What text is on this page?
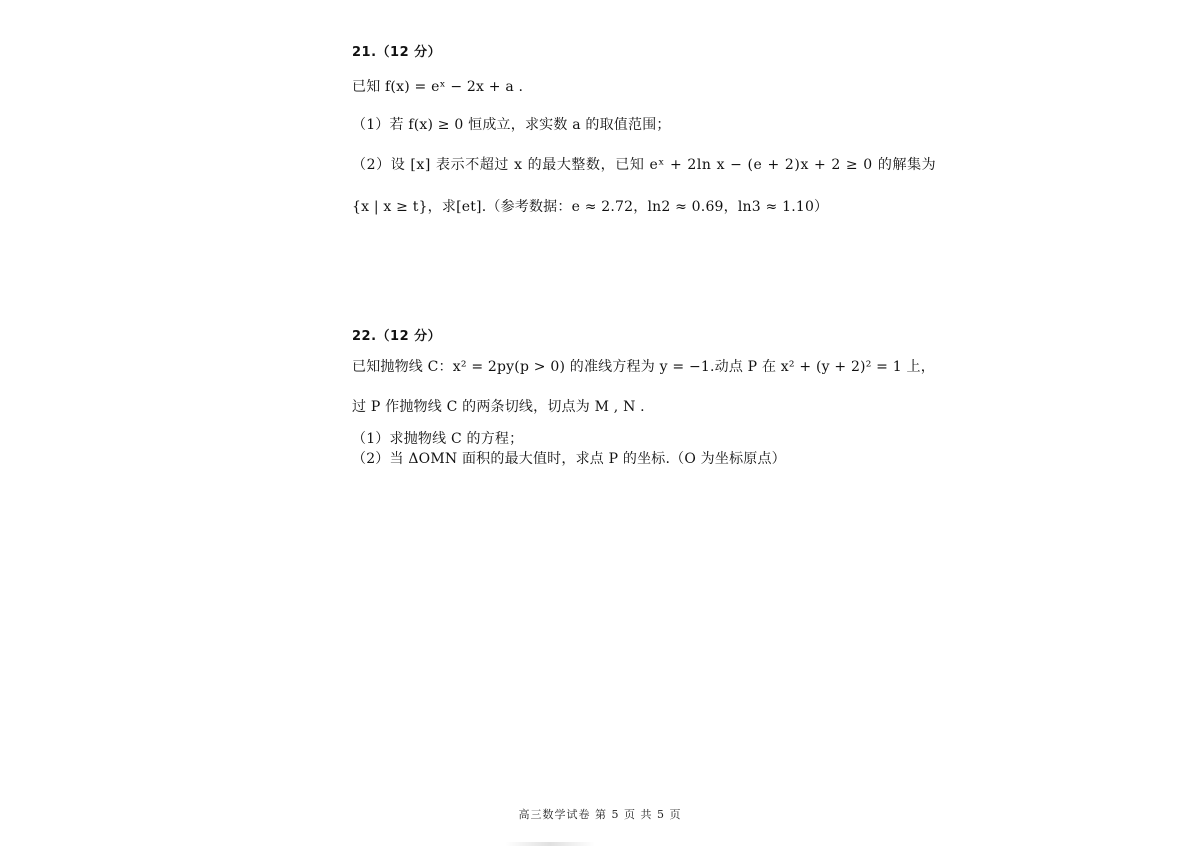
21.（12 分）
已知 f(x) = eˣ − 2x + a .
（1）若 f(x) ≥ 0 恒成立，求实数 a 的取值范围；
（2）设 [x] 表示不超过 x 的最大整数，已知 eˣ + 2ln x − (e + 2)x + 2 ≥ 0 的解集为
{x | x ≥ t}，求[et].（参考数据：e ≈ 2.72，ln2 ≈ 0.69，ln3 ≈ 1.10）
22.（12 分）
已知抛物线 C：x² = 2py(p > 0) 的准线方程为 y = −1.动点 P 在 x² + (y + 2)² = 1 上，
过 P 作抛物线 C 的两条切线，切点为 M , N .
（1）求抛物线 C 的方程；
（2）当 ΔOMN 面积的最大值时，求点 P 的坐标.（O 为坐标原点）
高三数学试卷 第 5 页 共 5 页
